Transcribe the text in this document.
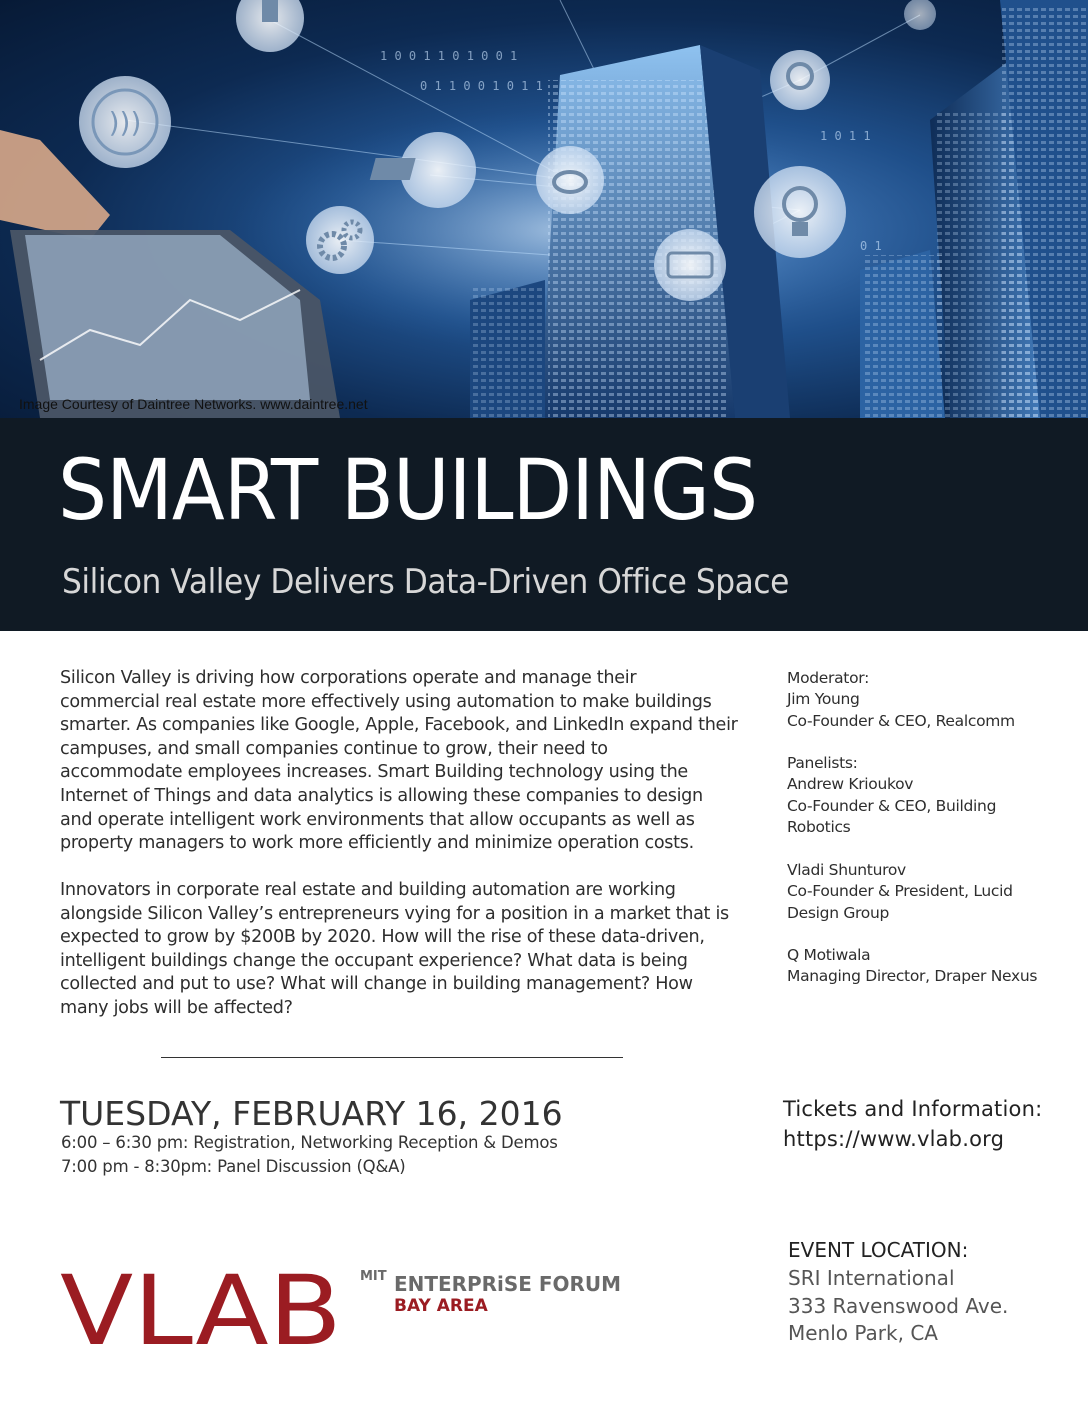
)))
1 0 0 1 1 0 1 0 0 1
0 1 1 0 0 1 0 1 1
1 0 1 1
0 1
Image Courtesy of Daintree Networks. www.daintree.net
SMART BUILDINGS
Silicon Valley Delivers Data-Driven Office Space
Silicon Valley is driving how corporations operate and manage their
commercial real estate more effectively using automation to make buildings
smarter. As companies like Google, Apple, Facebook, and LinkedIn expand their
campuses, and small companies continue to grow, their need to
accommodate employees increases. Smart Building technology using the
Internet of Things and data analytics is allowing these companies to design
and operate intelligent work environments that allow occupants as well as
property managers to work more efficiently and minimize operation costs.
Innovators in corporate real estate and building automation are working
alongside Silicon Valley’s entrepreneurs vying for a position in a market that is
expected to grow by $200B by 2020. How will the rise of these data-driven,
intelligent buildings change the occupant experience? What data is being
collected and put to use? What will change in building management? How
many jobs will be affected?
Moderator:
Jim Young
Co-Founder & CEO, Realcomm
Panelists:
Andrew Krioukov
Co-Founder & CEO, Building
Robotics
Vladi Shunturov
Co-Founder & President, Lucid
Design Group
Q Motiwala
Managing Director, Draper Nexus
TUESDAY, FEBRUARY 16, 2016
6:00 – 6:30 pm: Registration, Networking Reception & Demos
7:00 pm - 8:30pm: Panel Discussion (Q&A)
Tickets and Information:
https://www.vlab.org
EVENT LOCATION:
SRI International
333 Ravenswood Ave.
Menlo Park, CA
VLAB MIT ENTERPRiSE FORUM
BAY AREA
